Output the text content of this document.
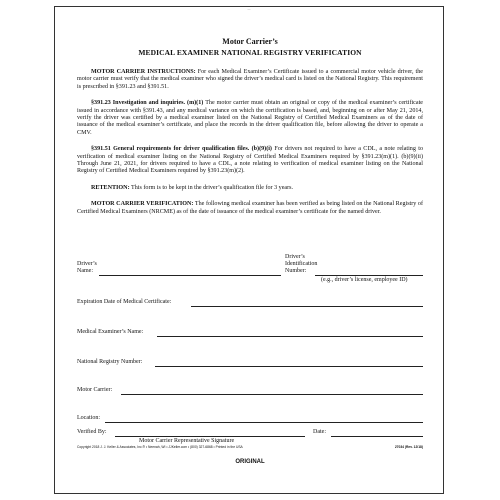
—
Motor Carrier’s
MEDICAL EXAMINER NATIONAL REGISTRY VERIFICATION

MOTOR CARRIER INSTRUCTIONS: For each Medical Examiner’s Certificate issued to a commercial motor vehicle driver, the motor carrier must verify that the medical examiner who signed the driver’s medical card is listed on the National Registry. This requirement is prescribed in §391.23 and §391.51.

§391.23 Investigation and inquiries. (m)(1) The motor carrier must obtain an original or copy of the medical examiner’s certificate issued in accordance with §391.43, and any medical variance on which the certification is based, and, beginning on or after May 21, 2014, verify the driver was certified by a medical examiner listed on the National Registry of Certified Medical Examiners as of the date of issuance of the medical examiner’s certificate, and place the records in the driver qualification file, before allowing the driver to operate a CMV.

§391.51 General requirements for driver qualification files. (b)(9)(i) For drivers not required to have a CDL, a note relating to verification of medical examiner listing on the National Registry of Certified Medical Examiners required by §391.23(m)(1). (b)(9)(ii) Through June 21, 2021, for drivers required to have a CDL, a note relating to verification of medical examiner listing on the National Registry of Certified Medical Examiners required by §391.23(m)(2).

RETENTION: This form is to be kept in the driver’s qualification file for 3 years.

MOTOR CARRIER VERIFICATION: The following medical examiner has been verified as being listed on the National Registry of Certified Medical Examiners (NRCME) as of the date of issuance of the medical examiner’s certificate for the named driver.

Driver’s
Name:
Driver’s
Identification
Number:
(e.g., driver’s license, employee ID)
Expiration Date of Medical Certificate:
Medical Examiner’s Name:
National Registry Number:
Motor Carrier:
Location:
Verified By:
Motor Carrier Representative Signature
Date:
Copyright 2018 J. J. Keller & Associates, Inc.® • Neenah, WI • JJKeller.com • (800) 327-6868 • Printed in the USA	27034 (Rev. 12/18)
ORIGINAL
